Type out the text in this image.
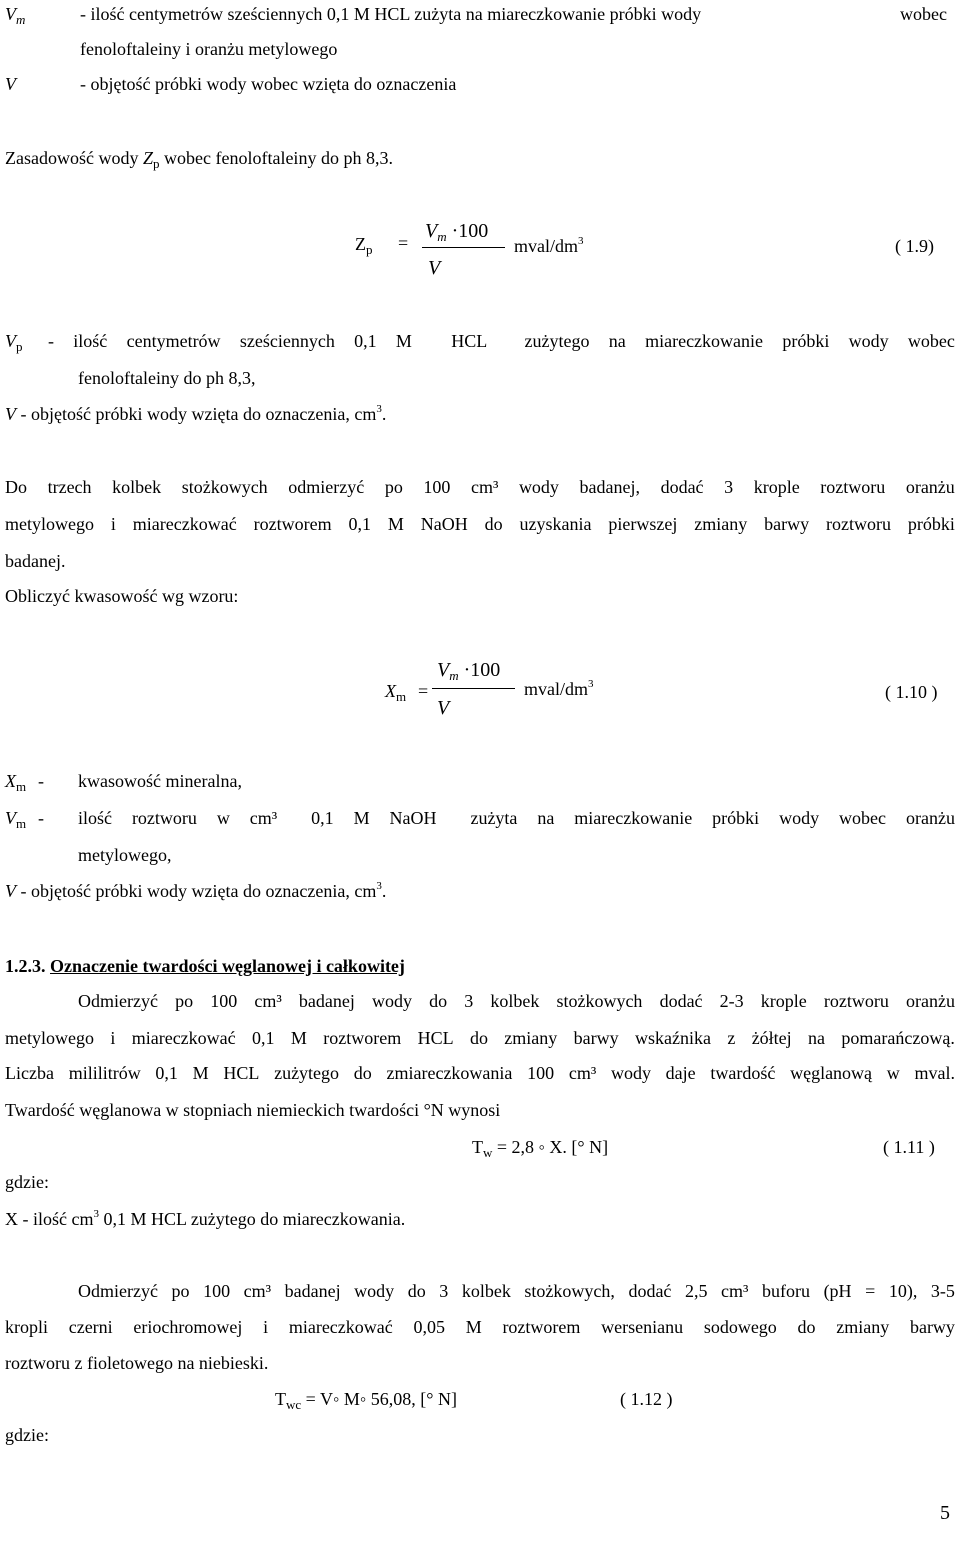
$V_m$	- ilość centymetrów sześciennych 0,1 M HCL zużyta na miareczkowanie próbki wody	wobec
fenoloftaleiny i oranżu metylowego
V	- objętość próbki wody wobec wzięta do oznaczenia
Zasadowość wody $Z_p$ wobec fenoloftaleiny do ph 8,3.
$Z_p$ =
$V_m \cdot 100$
V
mval/$dm^3$	( 1.9)
$V_p$ - ilość centymetrów sześciennych 0,1 M HCL zużytego na miareczkowanie próbki wody wobec
fenoloftaleiny do ph 8,3,
V - objętość próbki wody wzięta do oznaczenia, $cm^3$.
Do trzech kolbek stożkowych odmierzyć po 100 cm³ wody badanej, dodać 3 krople roztworu oranżu
metylowego i miareczkować roztworem 0,1 M NaOH do uzyskania pierwszej zmiany barwy roztworu próbki
badanej.
Obliczyć kwasowość wg wzoru:
$X_m$ =
$V_m \cdot 100$
V
mval/$dm^3$	( 1.10 )
$X_m$ - kwasowość mineralna,
$V_m$ - ilość roztworu w cm³ 0,1 M NaOH zużyta na miareczkowanie próbki wody wobec oranżu
metylowego,
V - objętość próbki wody wzięta do oznaczenia, $cm^3$.
1.2.3. Oznaczenie twardości węglanowej i całkowitej
Odmierzyć po 100 cm³ badanej wody do 3 kolbek stożkowych dodać 2-3 krople roztworu oranżu
metylowego i miareczkować 0,1 M roztworem HCL do zmiany barwy wskaźnika z żółtej na pomarańczową.
Liczba mililitrów 0,1 M HCL zużytego do zmiareczkowania 100 cm³ wody daje twardość węglanową w mval.
Twardość węglanowa w stopniach niemieckich twardości °N wynosi
$T_w = 2,8$ ◦ X. [° N]	( 1.11 )
gdzie:
X - ilość $cm^3$ 0,1 M HCL zużytego do miareczkowania.
Odmierzyć po 100 cm³ badanej wody do 3 kolbek stożkowych, dodać 2,5 cm³ buforu (pH = 10), 3-5
kropli czerni eriochromowej i miareczkować 0,05 M roztworem wersenianu sodowego do zmiany barwy
roztworu z fioletowego na niebieski.
$T_{wc}$ = V◦ M◦ 56,08, [° N]	( 1.12 )
gdzie:
5
